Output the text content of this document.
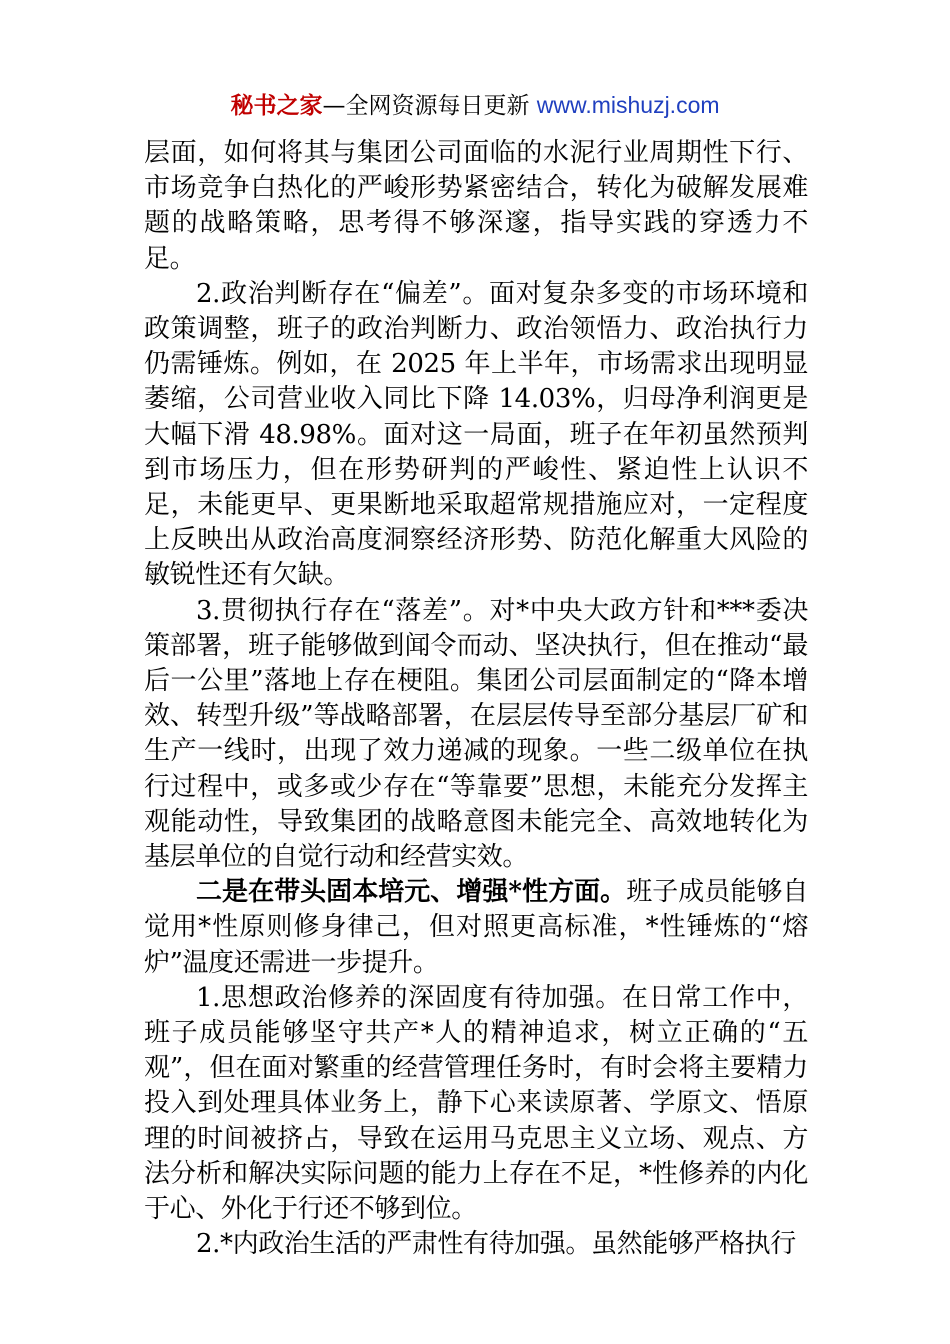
秘书之家—全网资源每日更新 www.mishuzj.com

层面，如何将其与集团公司面临的水泥行业周期性下行、市场竞争白热化的严峻形势紧密结合，转化为破解发展难题的战略策略，思考得不够深邃，指导实践的穿透力不足。

2.政治判断存在“偏差”。面对复杂多变的市场环境和政策调整，班子的政治判断力、政治领悟力、政治执行力仍需锤炼。例如，在 2025 年上半年，市场需求出现明显萎缩，公司营业收入同比下降 14.03%，归母净利润更是大幅下滑 48.98%。面对这一局面，班子在年初虽然预判到市场压力，但在形势研判的严峻性、紧迫性上认识不足，未能更早、更果断地采取超常规措施应对，一定程度上反映出从政治高度洞察经济形势、防范化解重大风险的敏锐性还有欠缺。

3.贯彻执行存在“落差”。对*中央大政方针和***委决策部署，班子能够做到闻令而动、坚决执行，但在推动“最后一公里”落地上存在梗阻。集团公司层面制定的“降本增效、转型升级”等战略部署，在层层传导至部分基层厂矿和生产一线时，出现了效力递减的现象。一些二级单位在执行过程中，或多或少存在“等靠要”思想，未能充分发挥主观能动性，导致集团的战略意图未能完全、高效地转化为基层单位的自觉行动和经营实效。

二是在带头固本培元、增强*性方面。班子成员能够自觉用*性原则修身律己，但对照更高标准，*性锤炼的“熔炉”温度还需进一步提升。

1.思想政治修养的深固度有待加强。在日常工作中，班子成员能够坚守共产*人的精神追求，树立正确的“五观”，但在面对繁重的经营管理任务时，有时会将主要精力投入到处理具体业务上，静下心来读原著、学原文、悟原理的时间被挤占，导致在运用马克思主义立场、观点、方法分析和解决实际问题的能力上存在不足，*性修养的内化于心、外化于行还不够到位。

2.*内政治生活的严肃性有待加强。虽然能够严格执行
